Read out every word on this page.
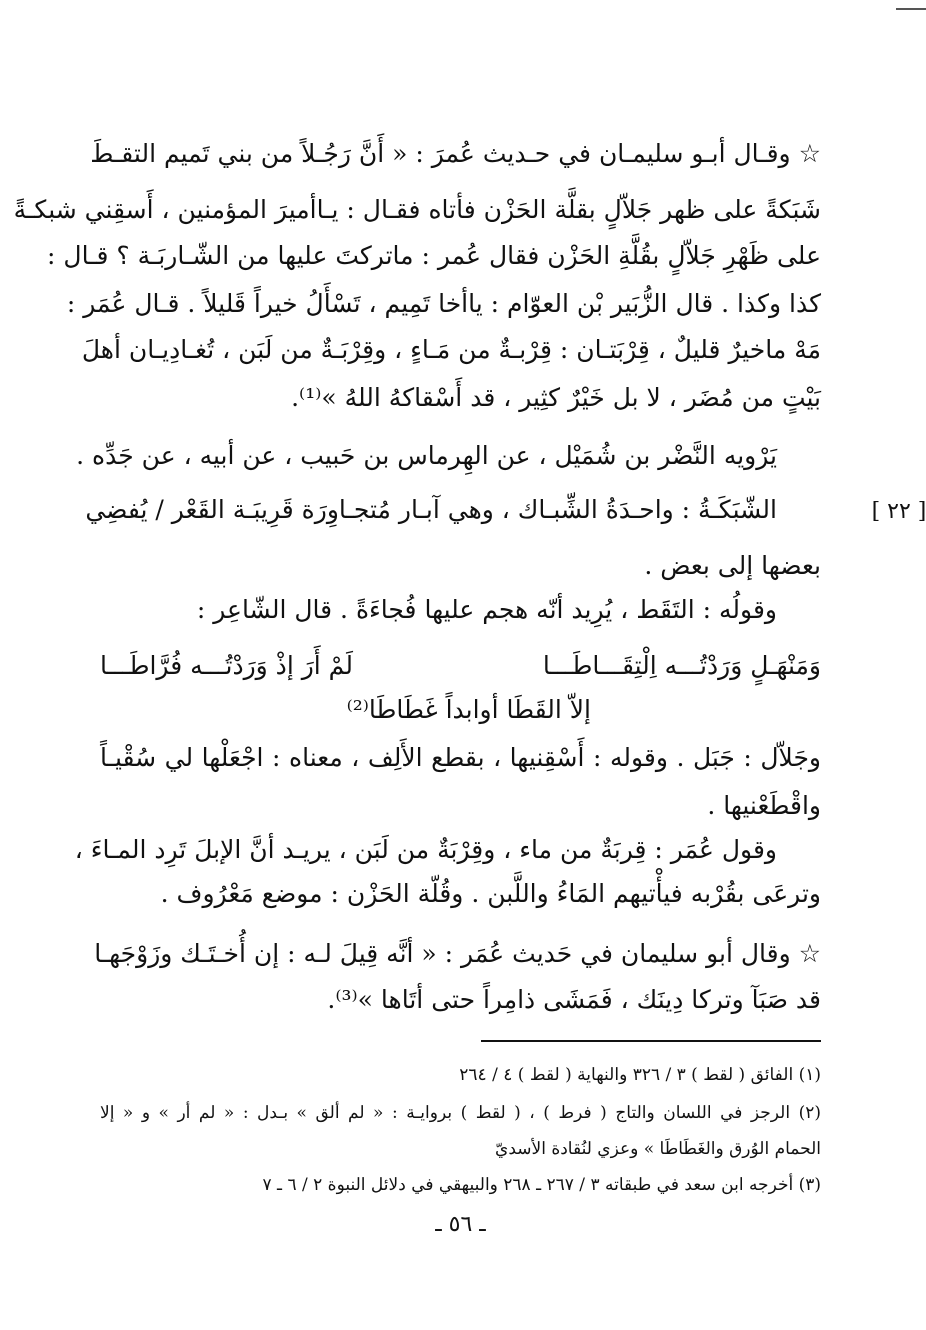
☆ وقـال أبـو سليمـان في حـديث عُمرَ : « أَنَّ رَجُـلاً من بني تَميم التقـطَ
شَبَكةً على ظهر جَلاّلٍ بقلَّة الحَزْن فأتاه فقـال : يـاأميرَ المؤمنين ، أَسقِني شبكـةً
على ظَهْرِ جَلاّلٍ بقُلَّةِ الحَزْن فقال عُمر : ماتركتَ عليها من الشّـاربَـة ؟ قـال :
كذا وكذا . قال الزُّبَير بْن العوّام : ياأخا تَمِيم ، تَسْأَلُ خيراً قَليلاً . قـال عُمَر :
مَهْ ماخيرٌ قليلٌ ، قِرْبَتـان : قِرْبـةٌ من مَـاءٍ ، وقِرْبَـةٌ من لَبَن ، تُغـادِيـان أهلَ
بَيْتٍ من مُضَر ، لا بل خَيْرٌ كثِير ، قد أَسْقاكهُ اللهُ »⁽¹⁾.
يَرْويه النَّضْر بن شُمَيْل ، عن الهِرماس بن حَبيب ، عن أبيه ، عن جَدِّه .
الشّبَكَـةُ : واحـدَةُ الشِّبـاك ، وهي آبـار مُتجـاوِرَة قَرِيبَـة القَعْر / يُفضِي	[ ٢٢ ]
بعضها إلى بعض .
وقولُه : التَقَط ، يُرِيد أنّه هجم عليها فُجاءَةً . قال الشّاعِر :
وَمَنْهَـلٍ وَرَدْتُـــه اِلْتِقَـــاطَـــا
لَمْ أَرَ إذْ وَرَدْتُـــه فُرَّاطَـــا
إلاّ القَطَا أوابداً غَطَاطَا⁽²⁾
وجَلاّل : جَبَل . وقوله : أَسْقِنيها ، بقطع الأَلِف ، معناه : اجْعَلْها لي سُقْيـاً
واقْطَعْنيها .
وقول عُمَر : قِربَةٌ من ماء ، وقِرْبَةٌ من لَبَن ، يريـد أنَّ الإبلَ تَرِد المـاءَ ،
وترعَى بقُرْبه فيأْتيهم المَاءُ واللَّبن . وقُلّة الحَزْن : موضع مَعْرُوف .
☆ وقال أبو سليمان في حَديث عُمَر : « أنَّه قِيلَ لـه : إن أُخـتَـك وزَوْجَهـا
قد صَبَآ وتركا دِينَك ، فَمَشَى ذامِراً حتى أتَاها »⁽³⁾.
(١) الفائق ( لقط ) ٣ / ٣٢٦ والنهاية ( لقط ) ٤ / ٢٦٤
(٢) الرجز في اللسان والتاج ( فرط ) ، ( لقط ) بروايـة : « لم ألق » بـدل : « لم أر » و « إلا
الحمام الوُرق والغَطَاطَا » وعزي لنُقادة الأسديّ
(٣) أخرجه ابن سعد في طبقاته ٣ / ٢٦٧ ـ ٢٦٨ والبيهقي في دلائل النبوة ٢ / ٦ ـ ٧
ـ ٥٦ ـ
